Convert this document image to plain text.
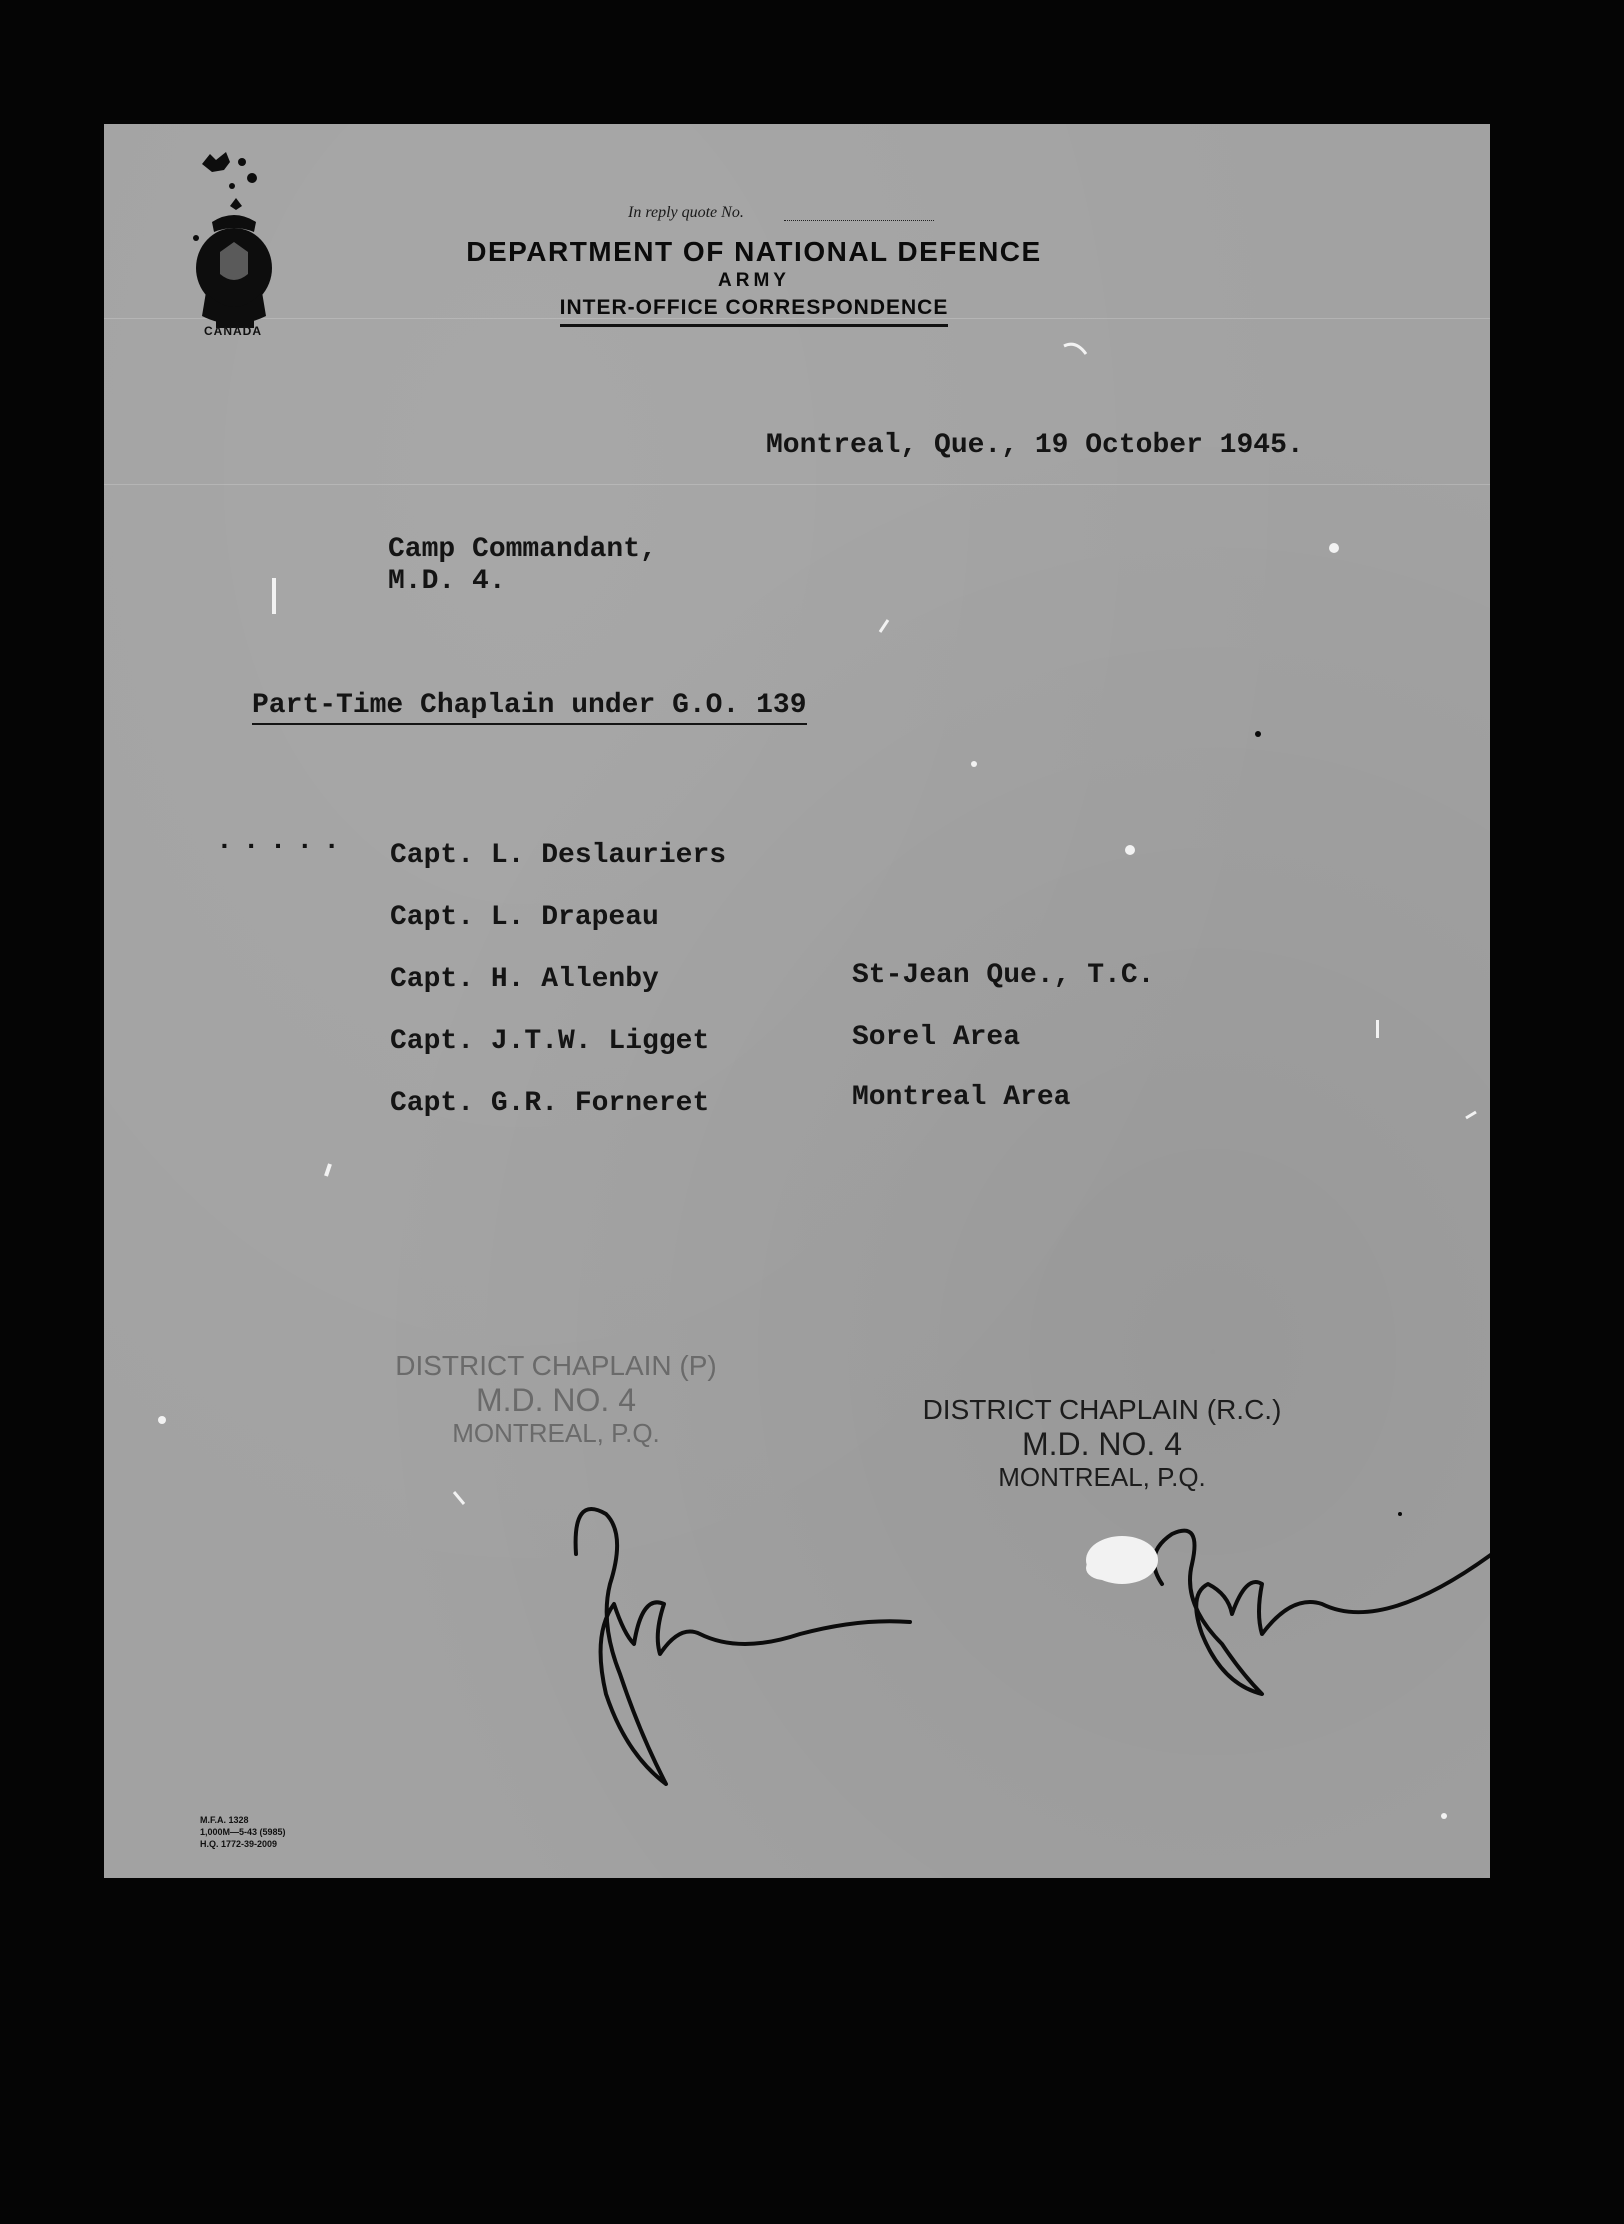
CANADA
In reply quote No.
DEPARTMENT OF NATIONAL DEFENCE
ARMY
INTER-OFFICE CORRESPONDENCE
Montreal, Que., 19 October 1945.
Camp Commandant,
M.D. 4.
Part-Time Chaplain under G.O. 139
..... Capt. L. Deslauriers
Capt. L. Drapeau
Capt. H. Allenby	St-Jean Que., T.C.
Capt. J.T.W. Ligget	Sorel Area
Capt. G.R. Forneret	Montreal Area
DISTRICT CHAPLAIN (P)
M.D. NO. 4
MONTREAL, P.Q.
DISTRICT CHAPLAIN (R.C.)
M.D. NO. 4
MONTREAL, P.Q.
M.F.A. 1328
1,000M—5-43 (5985)
H.Q. 1772-39-2009
